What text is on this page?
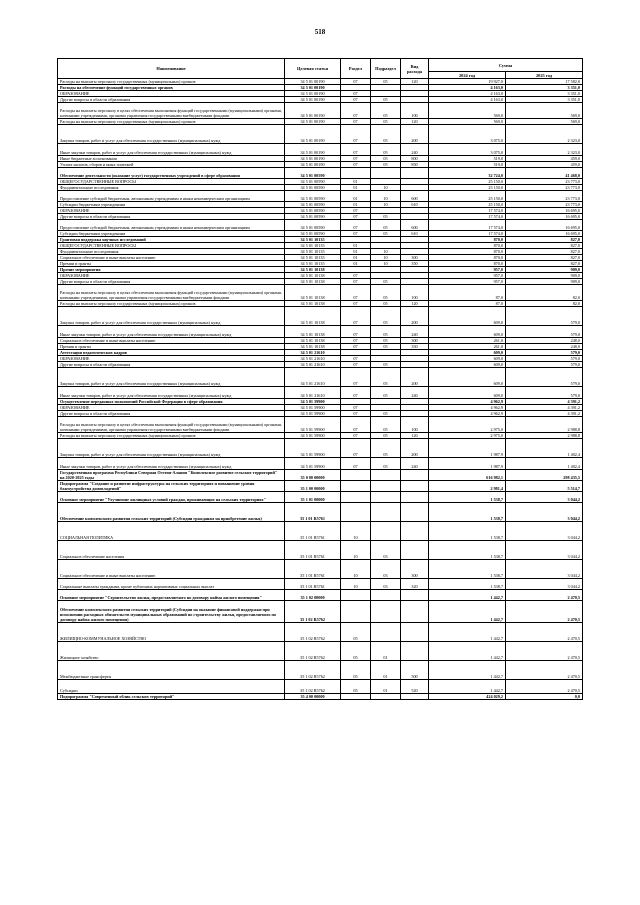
518
Наименование	Целевая статья	Раздел	Подраздел	Вид расхода	Сумма	
					2024 год	2025 год
Расходы на выплаты персоналу государственных (муниципальных) органов	34 5 01 00190	07	05	120	19 927,0	17 582,0
Расходы на обеспечение функций государственных органов	34 5 01 00190				4 163,0	3 351,0
ОБРАЗОВАНИЕ	34 5 01 00190	07			4 163,0	3 351,0
Другие вопросы в области образования	34 5 01 00190	07	05		4 163,0	3 351,0
Расходы на выплаты персоналу в целях обеспечения выполнения функций государственными (муниципальными) органами, казенными учреждениями, органами управления государственными внебюджетными фондами	34 5 01 00190	07	05	100	569,0	569,0
Расходы на выплаты персоналу государственных (муниципальных) органов	34 5 01 00190	07	05	120	569,0	569,0
Закупка товаров, работ и услуг для обеспечения государственных (муниципальных) нужд	34 5 01 00190	07	05	200	3 075,0	2 323,0
Иные закупки товаров, работ и услуг для обеспечения государственных (муниципальных) нужд	34 5 01 00190	07	05	240	3 075,0	2 323,0
Иные бюджетные ассигнования	34 5 01 00190	07	05	800	519,0	459,0
Уплата налогов, сборов и иных платежей	34 5 01 00190	07	05	850	519,0	459,0
Обеспечение деятельности (оказание услуг) государственных учреждений в сфере образования	34 5 01 00590				32 724,0	41 468,0
ОБЩЕГОСУДАРСТВЕННЫЕ ВОПРОСЫ	34 5 01 00590	01			25 150,0	23 773,0
Фундаментальные исследования	34 5 01 00590	01	10		25 150,0	23 773,0
Предоставление субсидий бюджетным, автономным учреждениям и иным некоммерческим организациям	34 5 01 00590	01	10	600	25 150,0	23 773,0
Субсидии бюджетным учреждениям	34 5 01 00590	01	10	610	25 150,0	23 773,0
ОБРАЗОВАНИЕ	34 5 01 00590	07			17 574,0	16 695,0
Другие вопросы в области образования	34 5 01 00590	07	05		17 574,0	16 695,0
Предоставление субсидий бюджетным, автономным учреждениям и иным некоммерческим организациям	34 5 01 00590	07	05	600	17 574,0	16 695,0
Субсидии бюджетным учреждениям	34 5 01 00590	07	05	610	17 574,0	16 695,0
Грантовая поддержка научных исследований	34 5 01 10135				870,0	827,0
ОБЩЕГОСУДАРСТВЕННЫЕ ВОПРОСЫ	34 5 01 10135	01			870,0	827,0
Фундаментальные исследования	34 5 01 10135	01	10		870,0	827,0
Социальное обеспечение и иные выплаты населению	34 5 01 10135	01	10	300	870,0	827,0
Премии и гранты	34 5 01 10135	01	10	350	870,0	827,0
Прочие мероприятия	34 5 01 10138				957,0	909,0
ОБРАЗОВАНИЕ	34 5 01 10138	07			957,0	909,0
Другие вопросы в области образования	34 5 01 10138	07	05		957,0	909,0
Расходы на выплаты персоналу в целях обеспечения выполнения функций государственными (муниципальными) органами, казенными учреждениями, органами управления государственными внебюджетными фондами	34 5 01 10138	07	05	100	87,0	82,0
Расходы на выплаты персоналу государственных (муниципальных) органов	34 5 01 10138	07	05	120	87,0	82,0
Закупка товаров, работ и услуг для обеспечения государственных (муниципальных) нужд	34 5 01 10138	07	05	200	609,0	579,0
Иные закупки товаров, работ и услуг для обеспечения государственных (муниципальных) нужд	34 5 01 10138	07	05	240	609,0	579,0
Социальное обеспечение и иные выплаты населению	34 5 01 10138	07	05	300	261,0	248,0
Премии и гранты	34 5 01 10138	07	05	350	261,0	248,0
Аттестация педагогических кадров	34 5 01 21610				609,0	579,0
ОБРАЗОВАНИЕ	34 5 01 21610	07			609,0	579,0
Другие вопросы в области образования	34 5 01 21610	07	05		609,0	579,0
Закупка товаров, работ и услуг для обеспечения государственных (муниципальных) нужд	34 5 01 21610	07	05	200	609,0	579,0
Иные закупки товаров, работ и услуг для обеспечения государственных (муниципальных) нужд	34 5 01 21610	07	05	240	609,0	579,0
Осуществление переданных полномочий Российской Федерации в сфере образования	34 5 01 59900				4 962,9	4 391,2
ОБРАЗОВАНИЕ	34 5 01 59900	07			4 962,9	4 391,2
Другие вопросы в области образования	34 5 01 59900	07	05		4 962,9	4 391,2
Расходы на выплаты персоналу в целях обеспечения выполнения функций государственными (муниципальными) органами, казенными учреждениями, органами управления государственными внебюджетными фондами	34 5 01 59900	07	05	100	2 975,0	2 988,8
Расходы на выплаты персоналу государственных (муниципальных) органов	34 5 01 59900	07	05	120	2 975,0	2 988,8
Закупка товаров, работ и услуг для обеспечения государственных (муниципальных) нужд	34 5 01 59900	07	05	200	1 987,9	1 402,4
Иные закупки товаров, работ и услуг для обеспечения государственных (муниципальных) нужд	34 5 01 59900	07	05	240	1 987,9	1 402,4
Государственная программа Республики Северная Осетия-Алания "Комплексное развитие сельских территорий" на 2020-2025 годы	35 0 00 00000				616 982,1	298 435,5
Подпрограмма "Создание и развитие инфраструктуры на сельских территориях и повышение уровня благоустройства домовладений"	35 1 00 00000				2 981,4	5 514,7
Основное мероприятие "Улучшение жилищных условий граждан, проживающих на сельских территориях"	35 1 01 00000				1 538,7	3 044,2
Обеспечение комплексного развития сельских территорий (Субсидии гражданам на приобретение жилья)	35 1 01 R5761				1 538,7	3 044,2
СОЦИАЛЬНАЯ ПОЛИТИКА	35 1 01 R5761	10			1 538,7	3 044,2
Социальное обеспечение населения	35 1 01 R5761	10	03		1 538,7	3 044,2
Социальное обеспечение и иные выплаты населению	35 1 01 R5761	10	03	300	1 538,7	3 044,2
Социальные выплаты гражданам, кроме публичных нормативных социальных выплат	35 1 01 R5761	10	03	320	1 538,7	3 044,2
Основное мероприятие "Строительство жилья, предоставляемого по договору найма жилого помещения"	35 1 02 00000				1 442,7	2 470,5
Обеспечение комплексного развития сельских территорий (Субсидии на оказание финансовой поддержки при исполнении расходных обязательств муниципальных образований по строительству жилья, предоставляемого по договору найма жилого помещения)	35 1 02 R5762				1 442,7	2 470,5
ЖИЛИЩНО-КОММУНАЛЬНОЕ ХОЗЯЙСТВО	35 1 02 R5762	05			1 442,7	2 470,5
Жилищное хозяйство	35 1 02 R5762	05	01		1 442,7	2 470,5
Межбюджетные трансферты	35 1 02 R5762	05	01	500	1 442,7	2 470,5
Субсидии	35 1 02 R5762	05	01	520	1 442,7	2 470,5
Подпрограмма "Современный облик сельских территорий"	35 4 00 00000				424 029,2	0,0
